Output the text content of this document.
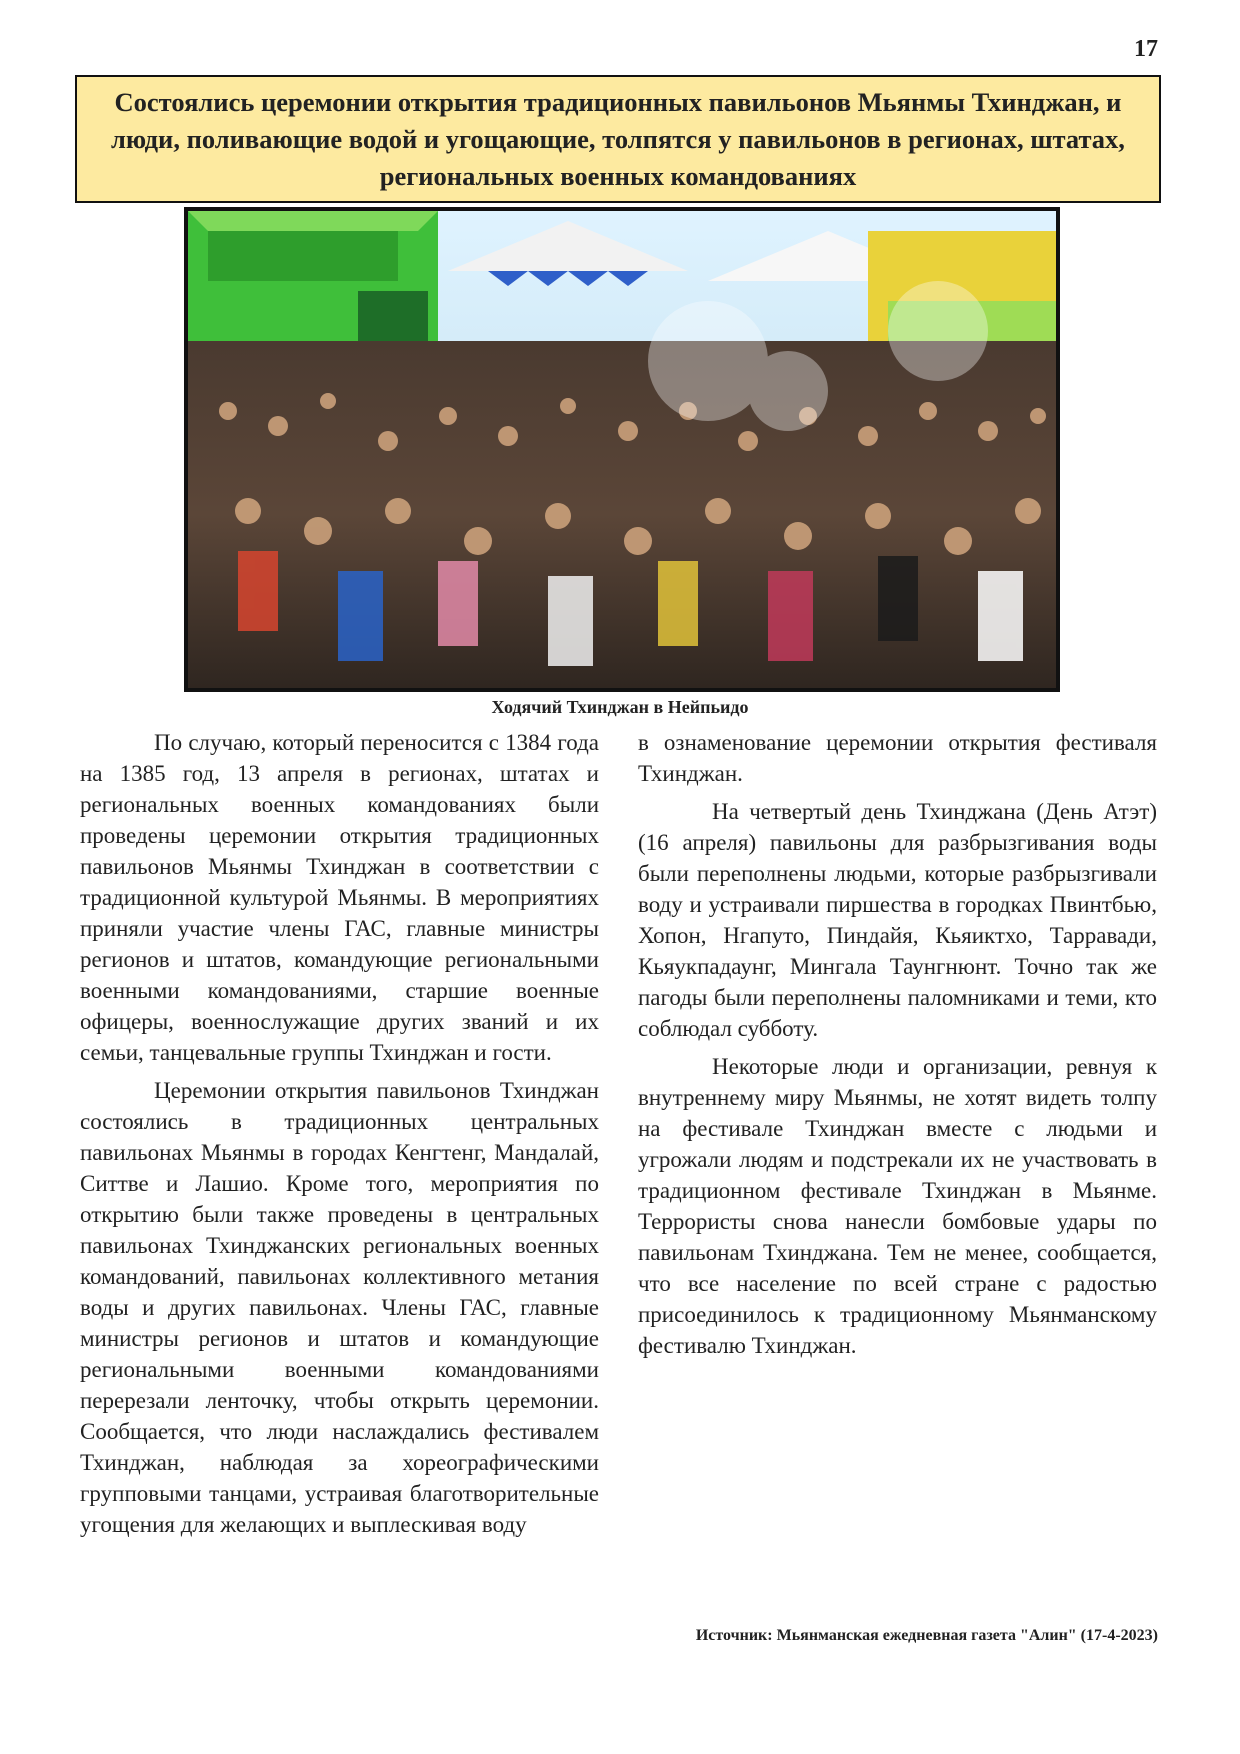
17
Состоялись церемонии открытия традиционных павильонов Мьянмы Тхинджан, и люди, поливающие водой и угощающие, толпятся у павильонов в регионах, штатах, региональных военных командованиях
Ходячий Тхинджан в Нейпьидо

По случаю, который переносится с 1384 года на 1385 год, 13 апреля в регионах, штатах и региональных военных командованиях были проведены церемонии открытия традиционных павильонов Мьянмы Тхинджан в соответствии с традиционной культурой Мьянмы. В мероприятиях приняли участие члены ГАС, главные министры регионов и штатов, командующие региональными военными командованиями, старшие военные офицеры, военнослужащие других званий и их семьи, танцевальные группы Тхинджан и гости.

Церемонии открытия павильонов Тхинджан состоялись в традиционных центральных павильонах Мьянмы в городах Кенгтенг, Мандалай, Ситтве и Лашио. Кроме того, мероприятия по открытию были также проведены в центральных павильонах Тхинджанских региональных военных командований, павильонах коллективного метания воды и других павильонах. Члены ГАС, главные министры регионов и штатов и командующие региональными военными командованиями перерезали ленточку, чтобы открыть церемонии. Сообщается, что люди наслаждались фестивалем Тхинджан, наблюдая за хореографическими групповыми танцами, устраивая благотворительные угощения для желающих и выплескивая воду

в ознаменование церемонии открытия фестиваля Тхинджан.

На четвертый день Тхинджана (День Атэт) (16 апреля) павильоны для разбрызгивания воды были переполнены людьми, которые разбрызгивали воду и устраивали пиршества в городках Пвинтбью, Хопон, Нгапуто, Пиндайя, Кьяиктхо, Тарравади, Кьяукпадаунг, Мингала Таунгнюнт. Точно так же пагоды были переполнены паломниками и теми, кто соблюдал субботу.

Некоторые люди и организации, ревнуя к внутреннему миру Мьянмы, не хотят видеть толпу на фестивале Тхинджан вместе с людьми и угрожали людям и подстрекали их не участвовать в традиционном фестивале Тхинджан в Мьянме. Террористы снова нанесли бомбовые удары по павильонам Тхинджана. Тем не менее, сообщается, что все население по всей стране с радостью присоединилось к традиционному Мьянманскому фестивалю Тхинджан.

Источник: Мьянманская ежедневная газета "Алин" (17-4-2023)
